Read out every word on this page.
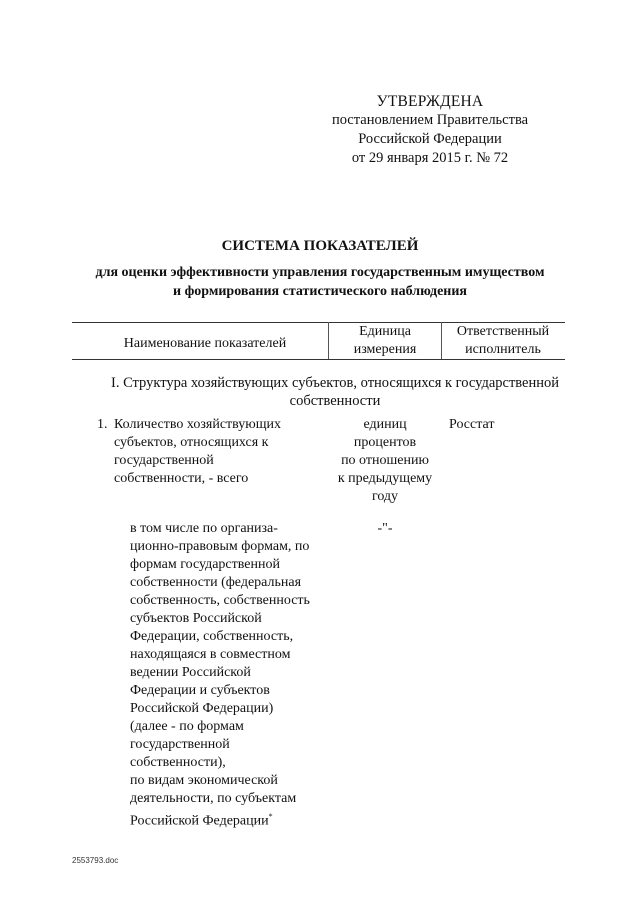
УТВЕРЖДЕНА
постановлением Правительства
Российской Федерации
от 29 января 2015 г. № 72
СИСТЕМА ПОКАЗАТЕЛЕЙ
для оценки эффективности управления государственным имуществом
и формирования статистического наблюдения
Наименование показателей
Единица
измерения
Ответственный
исполнитель
I. Структура хозяйствующих субъектов, относящихся к государственной
собственности
1. Количество хозяйствующих
субъектов, относящихся к
государственной
собственности, - всего
единиц
процентов
по отношению
к предыдущему
году
Росстат
в том числе по организа-
ционно-правовым формам, по
формам государственной
собственности (федеральная
собственность, собственность
субъектов Российской
Федерации, собственность,
находящаяся в совместном
ведении Российской
Федерации и субъектов
Российской Федерации)
(далее - по формам
государственной
собственности),
по видам экономической
деятельности, по субъектам
Российской Федерации*
-"-
2553793.doc
